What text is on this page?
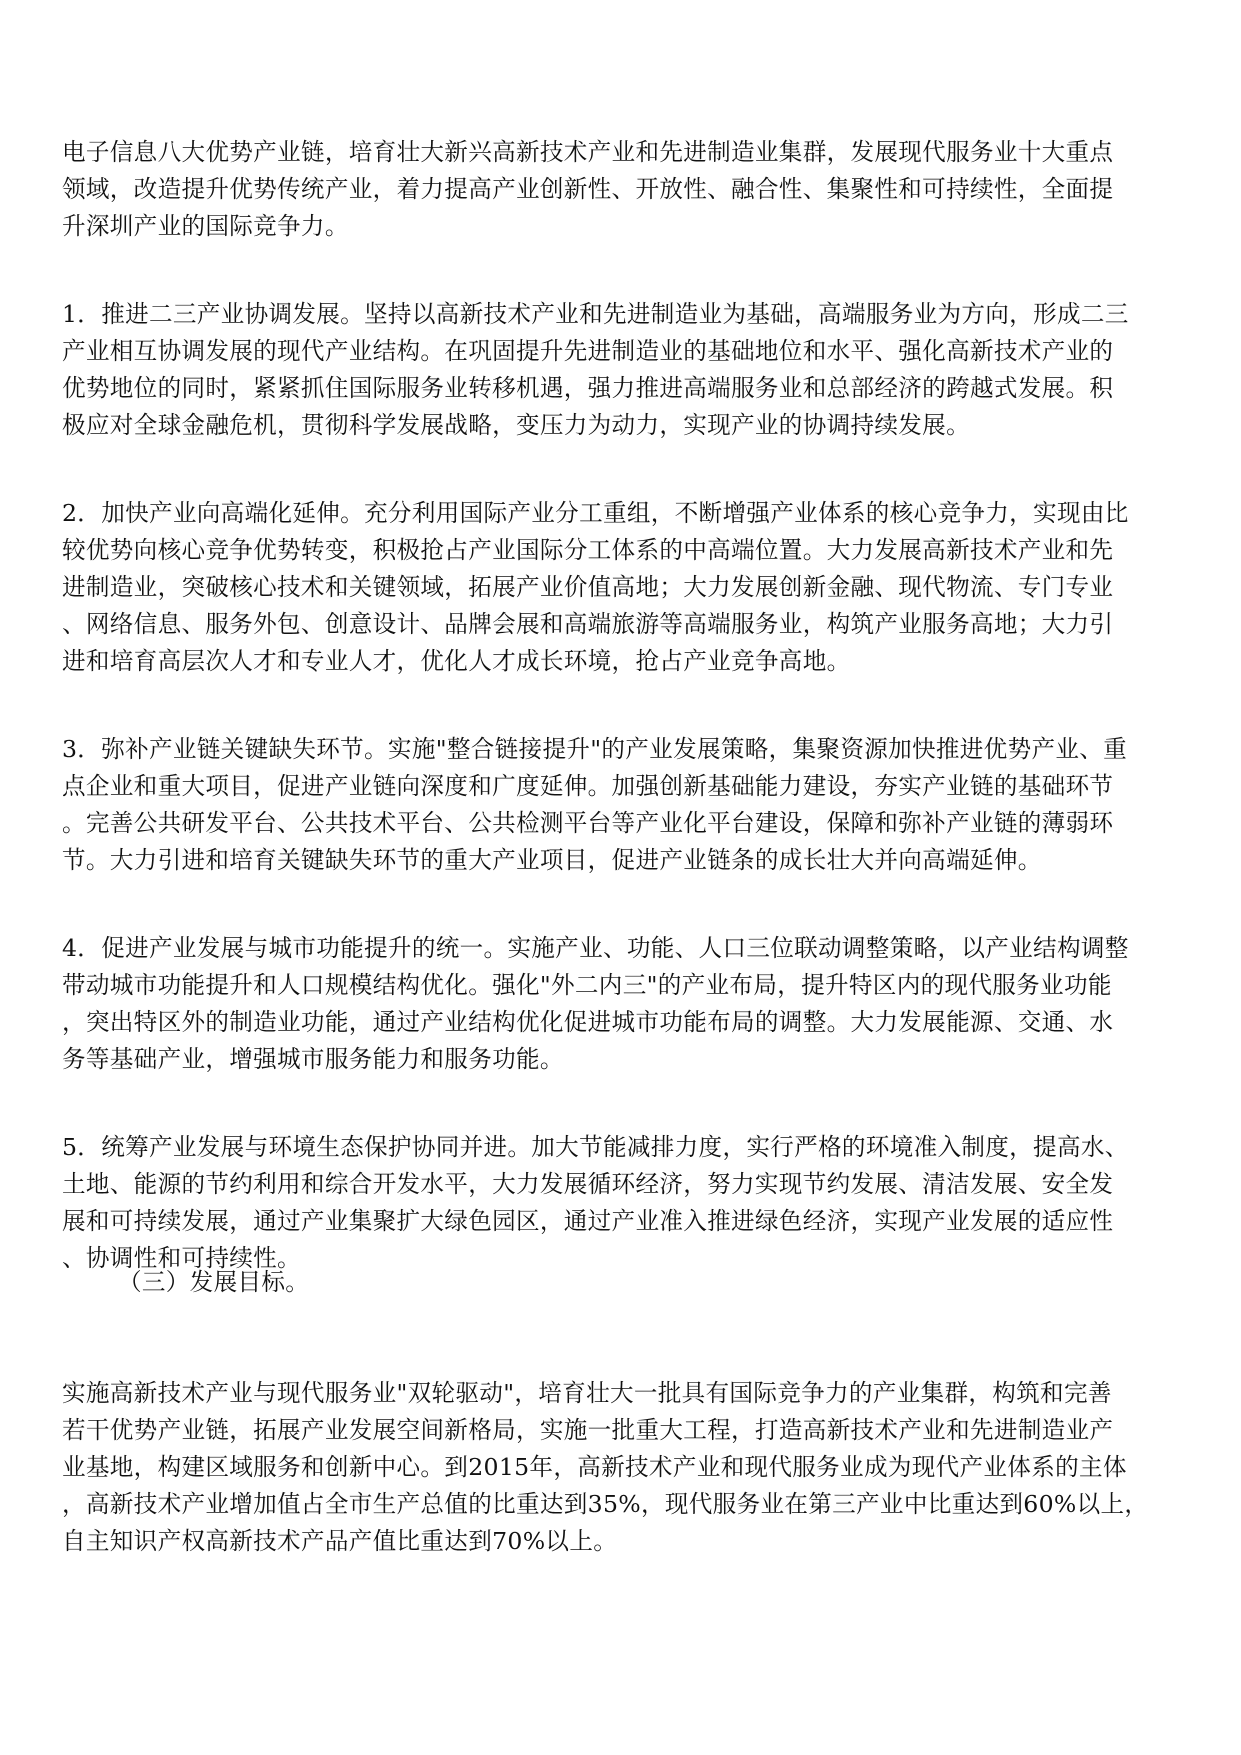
电子信息八大优势产业链，培育壮大新兴高新技术产业和先进制造业集群，发展现代服务业十大重点
领域，改造提升优势传统产业，着力提高产业创新性、开放性、融合性、集聚性和可持续性，全面提
升深圳产业的国际竞争力。
1．推进二三产业协调发展。坚持以高新技术产业和先进制造业为基础，高端服务业为方向，形成二三
产业相互协调发展的现代产业结构。在巩固提升先进制造业的基础地位和水平、强化高新技术产业的
优势地位的同时，紧紧抓住国际服务业转移机遇，强力推进高端服务业和总部经济的跨越式发展。积
极应对全球金融危机，贯彻科学发展战略，变压力为动力，实现产业的协调持续发展。
2．加快产业向高端化延伸。充分利用国际产业分工重组，不断增强产业体系的核心竞争力，实现由比
较优势向核心竞争优势转变，积极抢占产业国际分工体系的中高端位置。大力发展高新技术产业和先
进制造业，突破核心技术和关键领域，拓展产业价值高地；大力发展创新金融、现代物流、专门专业
、网络信息、服务外包、创意设计、品牌会展和高端旅游等高端服务业，构筑产业服务高地；大力引
进和培育高层次人才和专业人才，优化人才成长环境，抢占产业竞争高地。
3．弥补产业链关键缺失环节。实施"整合链接提升"的产业发展策略，集聚资源加快推进优势产业、重
点企业和重大项目，促进产业链向深度和广度延伸。加强创新基础能力建设，夯实产业链的基础环节
。完善公共研发平台、公共技术平台、公共检测平台等产业化平台建设，保障和弥补产业链的薄弱环
节。大力引进和培育关键缺失环节的重大产业项目，促进产业链条的成长壮大并向高端延伸。
4．促进产业发展与城市功能提升的统一。实施产业、功能、人口三位联动调整策略，以产业结构调整
带动城市功能提升和人口规模结构优化。强化"外二内三"的产业布局，提升特区内的现代服务业功能
，突出特区外的制造业功能，通过产业结构优化促进城市功能布局的调整。大力发展能源、交通、水
务等基础产业，增强城市服务能力和服务功能。
5．统筹产业发展与环境生态保护协同并进。加大节能减排力度，实行严格的环境准入制度，提高水、
土地、能源的节约利用和综合开发水平，大力发展循环经济，努力实现节约发展、清洁发展、安全发
展和可持续发展，通过产业集聚扩大绿色园区，通过产业准入推进绿色经济，实现产业发展的适应性
、协调性和可持续性。
（三）发展目标。
实施高新技术产业与现代服务业"双轮驱动"，培育壮大一批具有国际竞争力的产业集群，构筑和完善
若干优势产业链，拓展产业发展空间新格局，实施一批重大工程，打造高新技术产业和先进制造业产
业基地，构建区域服务和创新中心。到2015年，高新技术产业和现代服务业成为现代产业体系的主体
，高新技术产业增加值占全市生产总值的比重达到35%，现代服务业在第三产业中比重达到60%以上，
自主知识产权高新技术产品产值比重达到70%以上。
